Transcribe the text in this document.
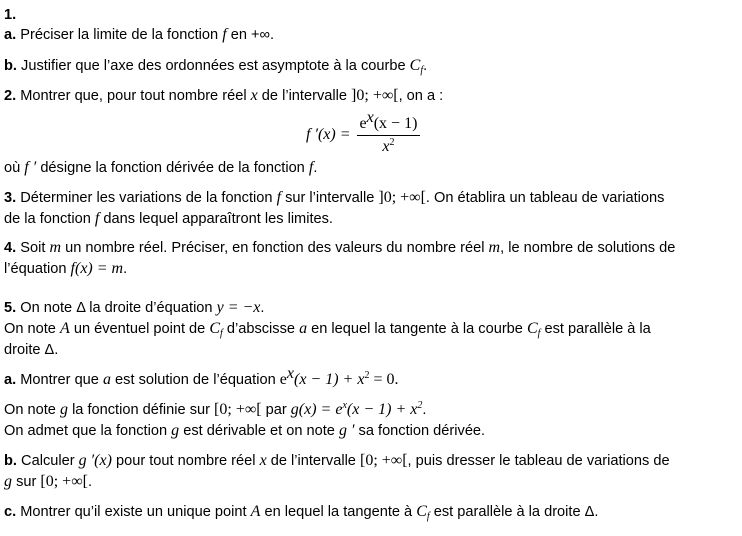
1.
a. Préciser la limite de la fonction f en +∞.
b. Justifier que l’axe des ordonnées est asymptote à la courbe $C_f$.
2. Montrer que, pour tout nombre réel x de l’intervalle ]0; +∞[, on a :
f $'(x) = \frac{e^x(x - 1)}{x^2}$
où f ′ désigne la fonction dérivée de la fonction f.
3. Déterminer les variations de la fonction f sur l’intervalle ]0; +∞[. On établira un tableau de variations
de la fonction f dans lequel apparaîtront les limites.
4. Soit m un nombre réel. Préciser, en fonction des valeurs du nombre réel m, le nombre de solutions de
l’équation f(x) = m.
5. On note Δ la droite d’équation y = −x.
On note A un éventuel point de $C_f$ d’abscisse a en lequel la tangente à la courbe $C_f$ est parallèle à la
droite Δ.
a. Montrer que a est solution de l’équation $e^x(x - 1) + x^2 = 0$.
On note g la fonction définie sur [0; +∞[ par $g(x) = e^x(x - 1) + x^2$.
On admet que la fonction g est dérivable et on note g ′ sa fonction dérivée.
b. Calculer g ′(x) pour tout nombre réel x de l’intervalle [0; +∞[, puis dresser le tableau de variations de
g sur [0; +∞[.
c. Montrer qu’il existe un unique point A en lequel la tangente à $C_f$ est parallèle à la droite Δ.
